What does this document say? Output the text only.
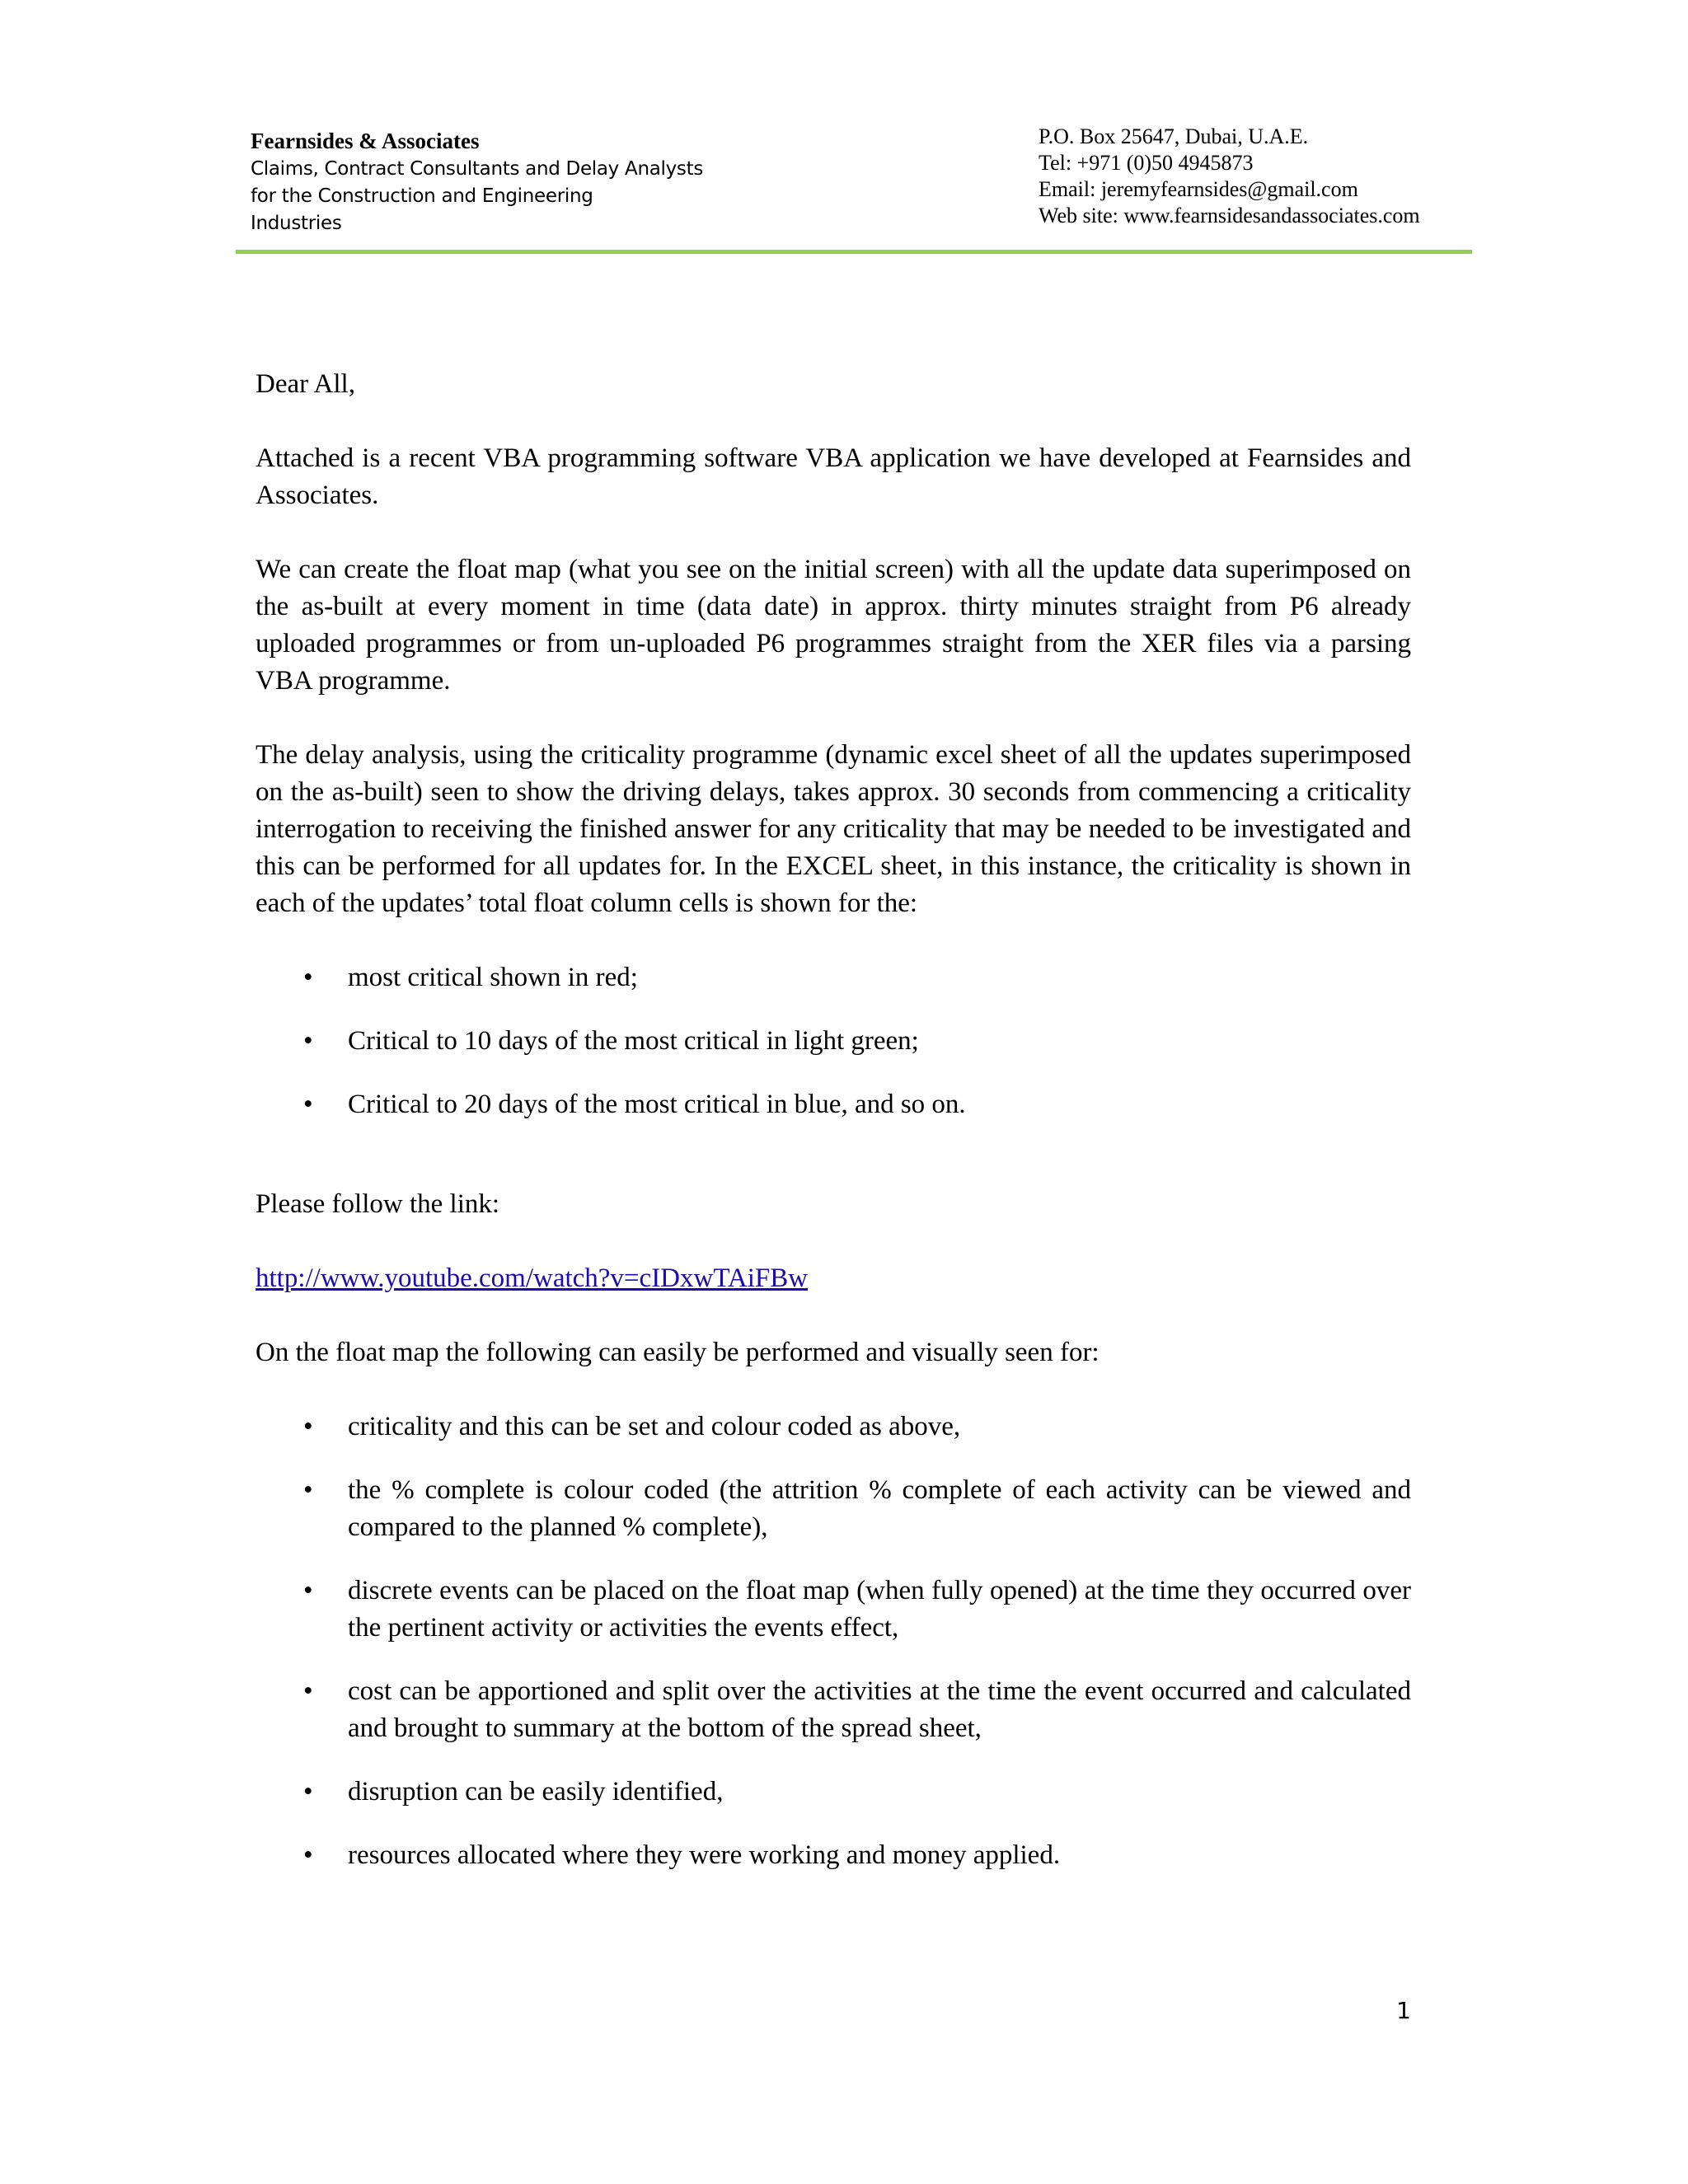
Fearnsides & Associates
Claims, Contract Consultants and Delay Analysts
for the Construction and Engineering
Industries
P.O. Box 25647, Dubai, U.A.E.
Tel: +971 (0)50 4945873
Email: jeremyfearnsides@gmail.com
Web site: www.fearnsidesandassociates.com

Dear All,

Attached is a recent VBA programming software VBA application we have developed at Fearnsides and Associates.

We can create the float map (what you see on the initial screen) with all the update data superimposed on the as-built at every moment in time (data date) in approx. thirty minutes straight from P6 already uploaded programmes or from un-uploaded P6 programmes straight from the XER files via a parsing VBA programme.

The delay analysis, using the criticality programme (dynamic excel sheet of all the updates superimposed on the as-built) seen to show the driving delays, takes approx. 30 seconds from commencing a criticality interrogation to receiving the finished answer for any criticality that may be needed to be investigated and this can be performed for all updates for. In the EXCEL sheet, in this instance, the criticality is shown in each of the updates’ total float column cells is shown for the:

• most critical shown in red;
• Critical to 10 days of the most critical in light green;
• Critical to 20 days of the most critical in blue, and so on.

Please follow the link:

http://www.youtube.com/watch?v=cIDxwTAiFBw

On the float map the following can easily be performed and visually seen for:

• criticality and this can be set and colour coded as above,
• the % complete is colour coded (the attrition % complete of each activity can be viewed and compared to the planned % complete),
• discrete events can be placed on the float map (when fully opened) at the time they occurred over the pertinent activity or activities the events effect,
• cost can be apportioned and split over the activities at the time the event occurred and calculated and brought to summary at the bottom of the spread sheet,
• disruption can be easily identified,
• resources allocated where they were working and money applied.
1
